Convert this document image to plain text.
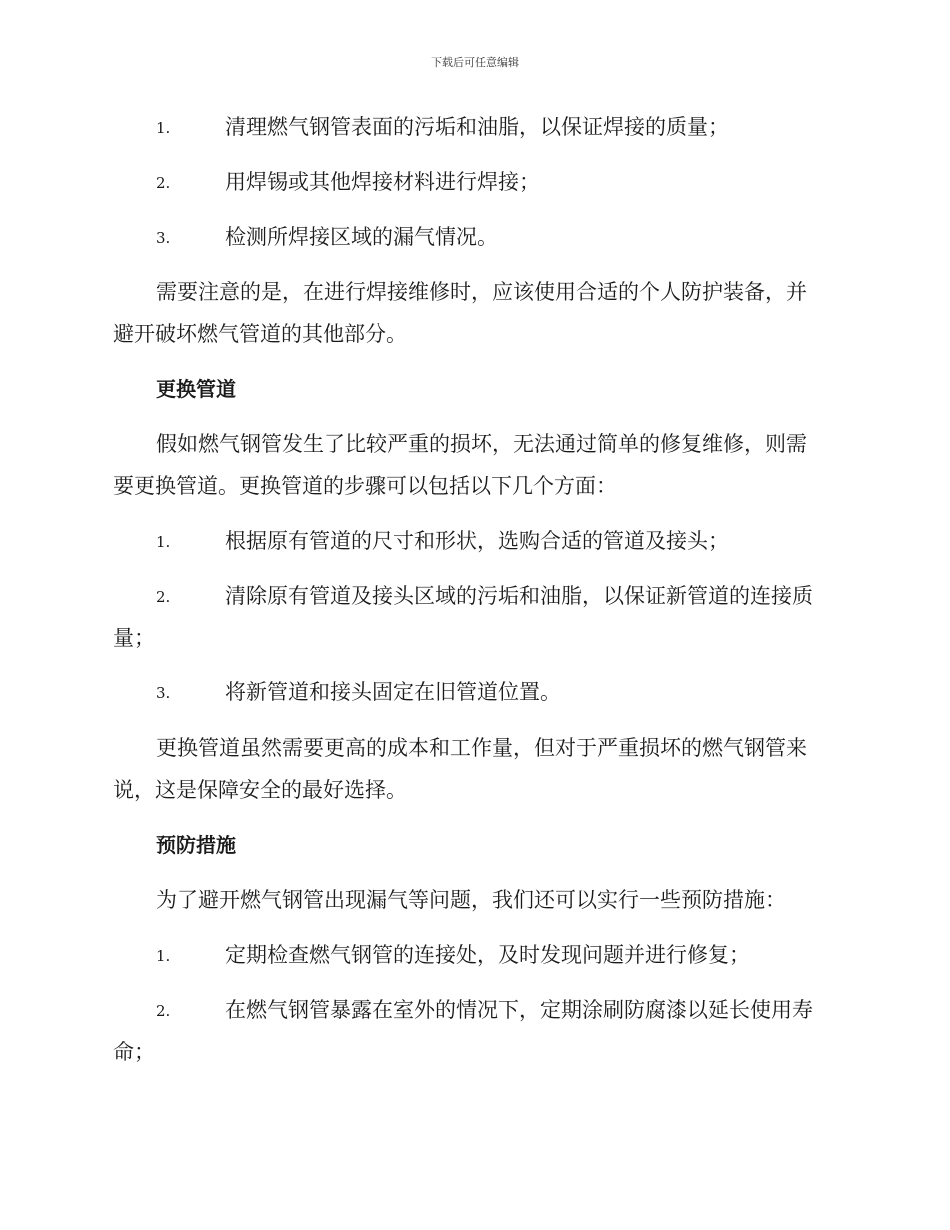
下载后可任意编辑
1.	清理燃气钢管表面的污垢和油脂，以保证焊接的质量；
2.	用焊锡或其他焊接材料进行焊接；
3.	检测所焊接区域的漏气情况。
需要注意的是，在进行焊接维修时，应该使用合适的个人防护装备，并
避开破坏燃气管道的其他部分。
更换管道
假如燃气钢管发生了比较严重的损坏，无法通过简单的修复维修，则需
要更换管道。更换管道的步骤可以包括以下几个方面：
1.	根据原有管道的尺寸和形状，选购合适的管道及接头；
2.	清除原有管道及接头区域的污垢和油脂，以保证新管道的连接质
量；
3.	将新管道和接头固定在旧管道位置。
更换管道虽然需要更高的成本和工作量，但对于严重损坏的燃气钢管来
说，这是保障安全的最好选择。
预防措施
为了避开燃气钢管出现漏气等问题，我们还可以实行一些预防措施：
1.	定期检查燃气钢管的连接处，及时发现问题并进行修复；
2.	在燃气钢管暴露在室外的情况下，定期涂刷防腐漆以延长使用寿
命；
